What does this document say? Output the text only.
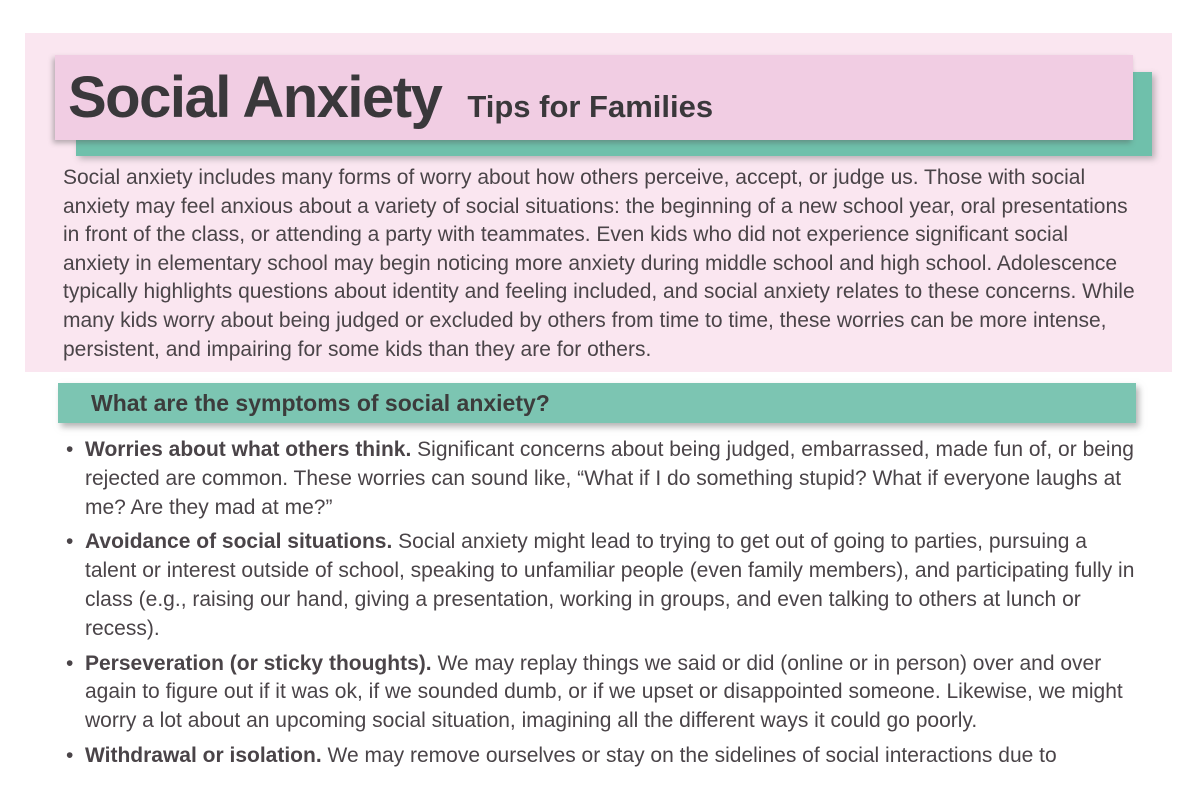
Social Anxiety Tips for Families

Social anxiety includes many forms of worry about how others perceive, accept, or judge us. Those with social anxiety may feel anxious about a variety of social situations: the beginning of a new school year, oral presentations in front of the class, or attending a party with teammates. Even kids who did not experience significant social anxiety in elementary school may begin noticing more anxiety during middle school and high school. Adolescence typically highlights questions about identity and feeling included, and social anxiety relates to these concerns. While many kids worry about being judged or excluded by others from time to time, these worries can be more intense, persistent, and impairing for some kids than they are for others.

What are the symptoms of social anxiety?
• Worries about what others think. Significant concerns about being judged, embarrassed, made fun of, or being rejected are common. These worries can sound like, “What if I do something stupid? What if everyone laughs at me? Are they mad at me?”
• Avoidance of social situations. Social anxiety might lead to trying to get out of going to parties, pursuing a talent or interest outside of school, speaking to unfamiliar people (even family members), and participating fully in class (e.g., raising our hand, giving a presentation, working in groups, and even talking to others at lunch or recess).
• Perseveration (or sticky thoughts). We may replay things we said or did (online or in person) over and over again to figure out if it was ok, if we sounded dumb, or if we upset or disappointed someone. Likewise, we might worry a lot about an upcoming social situation, imagining all the different ways it could go poorly.
• Withdrawal or isolation. We may remove ourselves or stay on the sidelines of social interactions due to
